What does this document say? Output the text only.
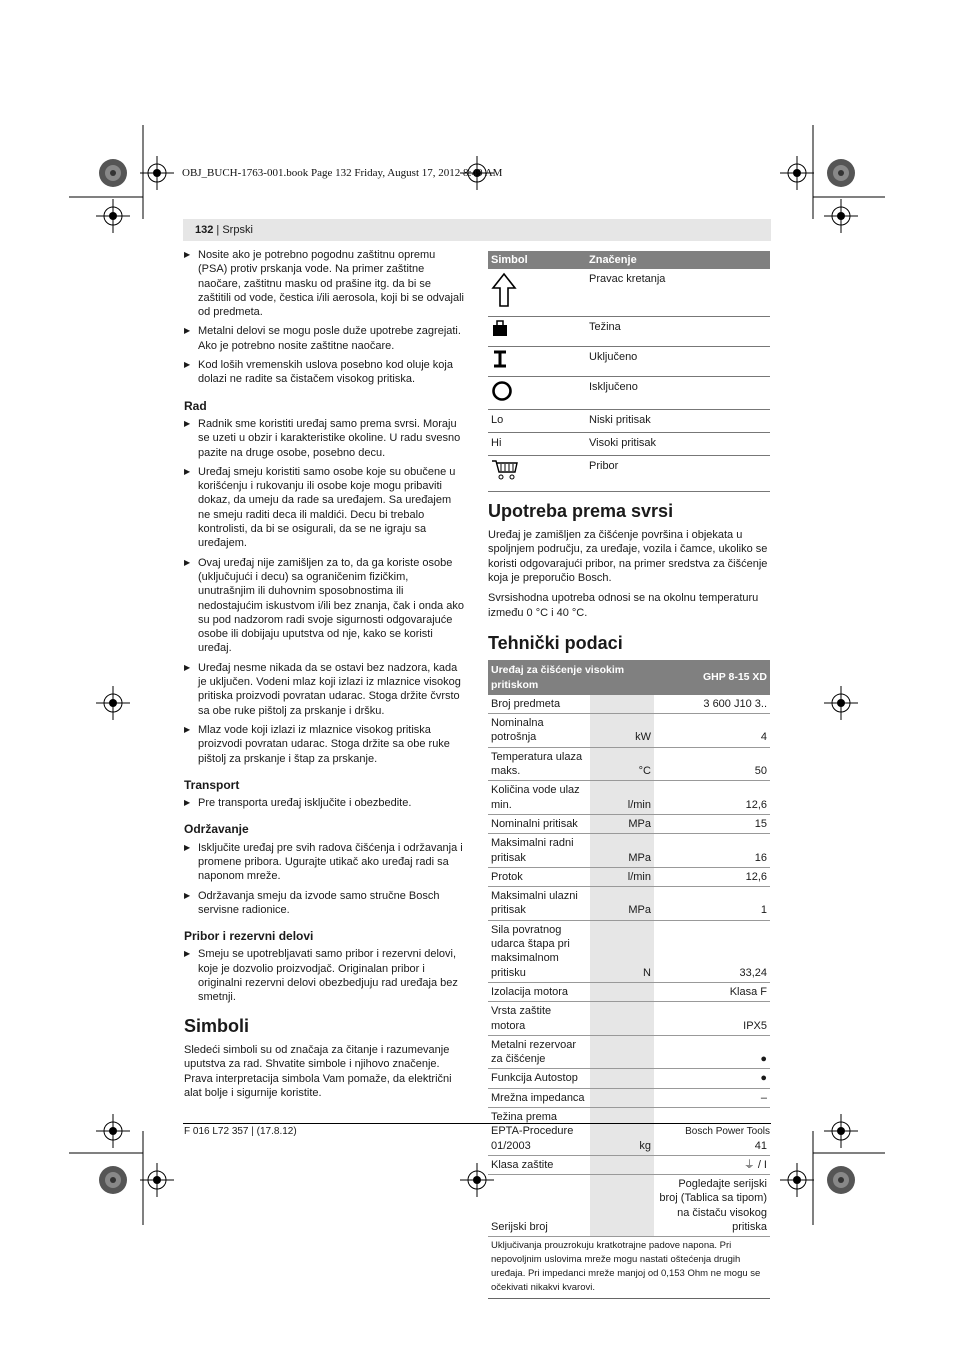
OBJ_BUCH-1763-001.book Page 132 Friday, August 17, 2012 8:49 AM
132 | Srpski
▶ Nosite ako je potrebno pogodnu zaštitnu opremu (PSA) protiv prskanja vode. Na primer zaštitne naočare, zaštitnu masku od prašine itg. da bi se zaštitili od vode, čestica i/ili aerosola, koji bi se odvajali od predmeta.
▶ Metalni delovi se mogu posle duže upotrebe zagrejati. Ako je potrebno nosite zaštitne naočare.
▶ Kod loših vremenskih uslova posebno kod oluje koja dolazi ne radite sa čistačem visokog pritiska.
Rad
▶ Radnik sme koristiti uređaj samo prema svrsi. Moraju se uzeti u obzir i karakteristike okoline. U radu svesno pazite na druge osobe, posebno decu.
▶ Uređaj smeju koristiti samo osobe koje su obučene u korišćenju i rukovanju ili osobe koje mogu pribaviti dokaz, da umeju da rade sa uređajem. Sa uređajem ne smeju raditi deca ili maldići. Decu bi trebalo kontrolisti, da bi se osigurali, da se ne igraju sa uređajem.
▶ Ovaj uređaj nije zamišljen za to, da ga koriste osobe (uključujući i decu) sa ograničenim fizičkim, unutrašnjim ili duhovnim sposobnostima ili nedostajućim iskustvom i/ili bez znanja, čak i onda ako su pod nadzorom radi svoje sigurnosti odgovarajuće osobe ili dobijaju uputstva od nje, kako se koristi uređaj.
▶ Uređaj nesme nikada da se ostavi bez nadzora, kada je uključen. Vodeni mlaz koji izlazi iz mlaznice visokog pritiska proizvodi povratan udarac. Stoga držite čvrsto sa obe ruke pištolj za prskanje i dršku.
▶ Mlaz vode koji izlazi iz mlaznice visokog pritiska proizvodi povratan udarac. Stoga držite sa obe ruke pištolj za prskanje i štap za prskanje.
Transport
▶ Pre transporta uređaj isključite i obezbedite.
Održavanje
▶ Isključite uređaj pre svih radova čišćenja i održavanja i promene pribora. Ugurajte utikač ako uređaj radi sa naponom mreže.
▶ Održavanja smeju da izvode samo stručne Bosch servisne radionice.
Pribor i rezervni delovi
▶ Smeju se upotrebljavati samo pribor i rezervni delovi, koje je dozvolio proizvodjač. Originalan pribor i originalni rezervni delovi obezbedjuju rad uređaja bez smetnji.
Simboli
Sledeći simboli su od značaja za čitanje i razumevanje uputstva za rad. Shvatite simbole i njihovo značenje. Prava interpretacija simbola Vam pomaže, da električni alat bolje i sigurnije koristite.
Simbol	Značenje
	Pravac kretanja
	Težina
	Uključeno
	Isključeno
Lo	Niski pritisak
Hi	Visoki pritisak
	Pribor
Upotreba prema svrsi
Uređaj je zamišljen za čišćenje površina i objekata u spoljnjem području, za uređaje, vozila i čamce, ukoliko se koristi odgovarajući pribor, na primer sredstva za čišćenje koja je preporučio Bosch.
Svrsishodna upotreba odnosi se na okolnu temperaturu između 0 °C i 40 °C.
Tehnički podaci
Uređaj za čišćenje visokim pritiskom		GHP 8-15 XD
Broj predmeta		3 600 J10 3..
Nominalna potrošnja	kW	4
Temperatura ulaza maks.	°C	50
Količina vode ulaz min.	l/min	12,6
Nominalni pritisak	MPa	15
Maksimalni radni pritisak	MPa	16
Protok	l/min	12,6
Maksimalni ulazni pritisak	MPa	1
Sila povratnog udarca štapa pri maksimalnom pritisku	N	33,24
Izolacija motora		Klasa F
Vrsta zaštite motora		IPX5
Metalni rezervoar za čišćenje		●
Funkcija Autostop		●
Mrežna impedanca		–
Težina prema EPTA-Procedure 01/2003	kg	41
Klasa zaštite		⏚ / I
Serijski broj		Pogledajte serijski broj (Tablica sa tipom) na čistaču visokog pritiska
Uključivanja prouzrokuju kratkotrajne padove napona. Pri nepovoljnim uslovima mreže mogu nastati oštećenja drugih uređaja. Pri impedanci mreže manjoj od 0,153 Ohm ne mogu se očekivati nikakvi kvarovi.
F 016 L72 357 | (17.8.12)	Bosch Power Tools
